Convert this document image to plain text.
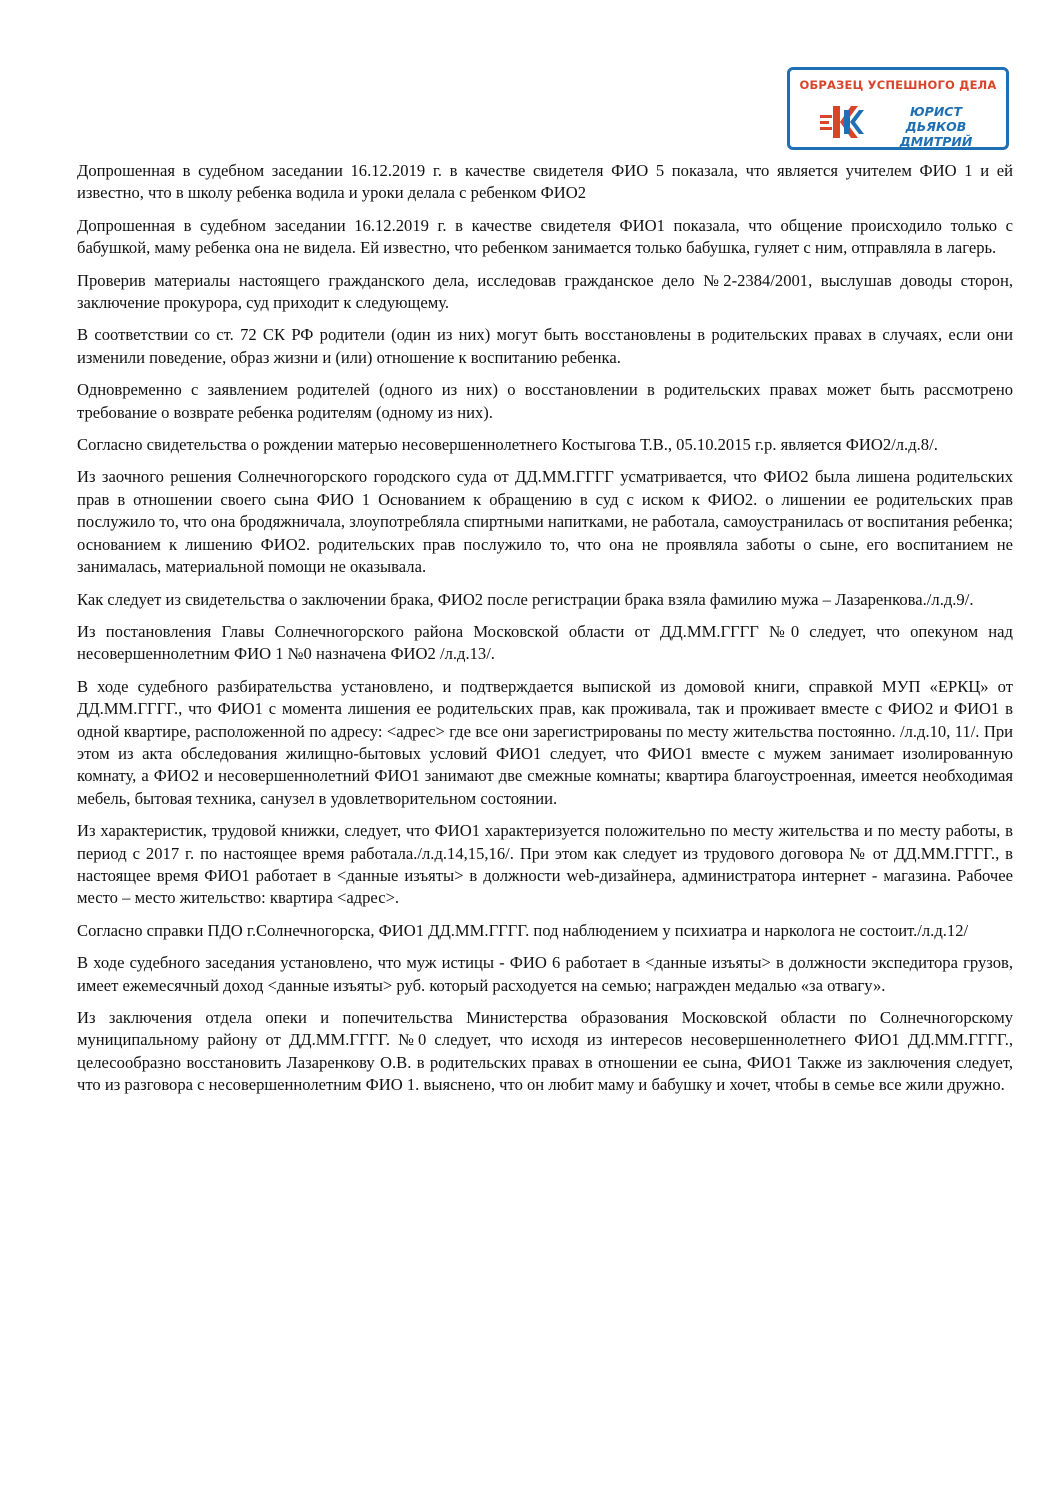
ОБРАЗЕЦ УСПЕШНОГО ДЕЛА
ЮРИСТ
ДЬЯКОВ ДМИТРИЙ

Допрошенная в судебном заседании 16.12.2019 г. в качестве свидетеля ФИО 5 показала, что является учителем ФИО 1 и ей известно, что в школу ребенка водила и уроки делала с ребенком ФИО2

Допрошенная в судебном заседании 16.12.2019 г. в качестве свидетеля ФИО1 показала, что общение происходило только с бабушкой, маму ребенка она не видела. Ей известно, что ребенком занимается только бабушка, гуляет с ним, отправляла в лагерь.

Проверив материалы настоящего гражданского дела, исследовав гражданское дело №2-2384/2001, выслушав доводы сторон, заключение прокурора, суд приходит к следующему.

В соответствии со ст. 72 СК РФ родители (один из них) могут быть восстановлены в родительских правах в случаях, если они изменили поведение, образ жизни и (или) отношение к воспитанию ребенка.

Одновременно с заявлением родителей (одного из них) о восстановлении в родительских правах может быть рассмотрено требование о возврате ребенка родителям (одному из них).

Согласно свидетельства о рождении матерью несовершеннолетнего Костыгова Т.В., 05.10.2015 г.р. является ФИО2/л.д.8/.

Из заочного решения Солнечногорского городского суда от ДД.ММ.ГГГГ усматривается, что ФИО2 была лишена родительских прав в отношении своего сына ФИО 1 Основанием к обращению в суд с иском к ФИО2. о лишении ее родительских прав послужило то, что она бродяжничала, злоупотребляла спиртными напитками, не работала, самоустранилась от воспитания ребенка; основанием к лишению ФИО2. родительских прав послужило то, что она не проявляла заботы о сыне, его воспитанием не занималась, материальной помощи не оказывала.

Как следует из свидетельства о заключении брака, ФИО2 после регистрации брака взяла фамилию мужа – Лазаренкова./л.д.9/.

Из постановления Главы Солнечногорского района Московской области от ДД.ММ.ГГГГ №0 следует, что опекуном над несовершеннолетним ФИО 1 №0 назначена ФИО2 /л.д.13/.

В ходе судебного разбирательства установлено, и подтверждается выпиской из домовой книги, справкой МУП «ЕРКЦ» от ДД.ММ.ГГГГ., что ФИО1 с момента лишения ее родительских прав, как проживала, так и проживает вместе с ФИО2 и ФИО1 в одной квартире, расположенной по адресу: <адрес> где все они зарегистрированы по месту жительства постоянно. /л.д.10, 11/. При этом из акта обследования жилищно-бытовых условий ФИО1 следует, что ФИО1 вместе с мужем занимает изолированную комнату, а ФИО2 и несовершеннолетний ФИО1 занимают две смежные комнаты; квартира благоустроенная, имеется необходимая мебель, бытовая техника, санузел в удовлетворительном состоянии.

Из характеристик, трудовой книжки, следует, что ФИО1 характеризуется положительно по месту жительства и по месту работы, в период с 2017 г. по настоящее время работала./л.д.14,15,16/. При этом как следует из трудового договора № от ДД.ММ.ГГГГ., в настоящее время ФИО1 работает в <данные изъяты> в должности web-дизайнера, администратора интернет - магазина. Рабочее место – место жительство: квартира <адрес>.

Согласно справки ПДО г.Солнечногорска, ФИО1 ДД.ММ.ГГГГ. под наблюдением у психиатра и нарколога не состоит./л.д.12/

В ходе судебного заседания установлено, что муж истицы - ФИО 6 работает в <данные изъяты> в должности экспедитора грузов, имеет ежемесячный доход <данные изъяты> руб. который расходуется на семью; награжден медалью «за отвагу».

Из заключения отдела опеки и попечительства Министерства образования Московской области по Солнечногорскому муниципальному району от ДД.ММ.ГГГГ. №0 следует, что исходя из интересов несовершеннолетнего ФИО1 ДД.ММ.ГГГГ., целесообразно восстановить Лазаренкову О.В. в родительских правах в отношении ее сына, ФИО1 Также из заключения следует, что из разговора с несовершеннолетним ФИО 1. выяснено, что он любит маму и бабушку и хочет, чтобы в семье все жили дружно.
